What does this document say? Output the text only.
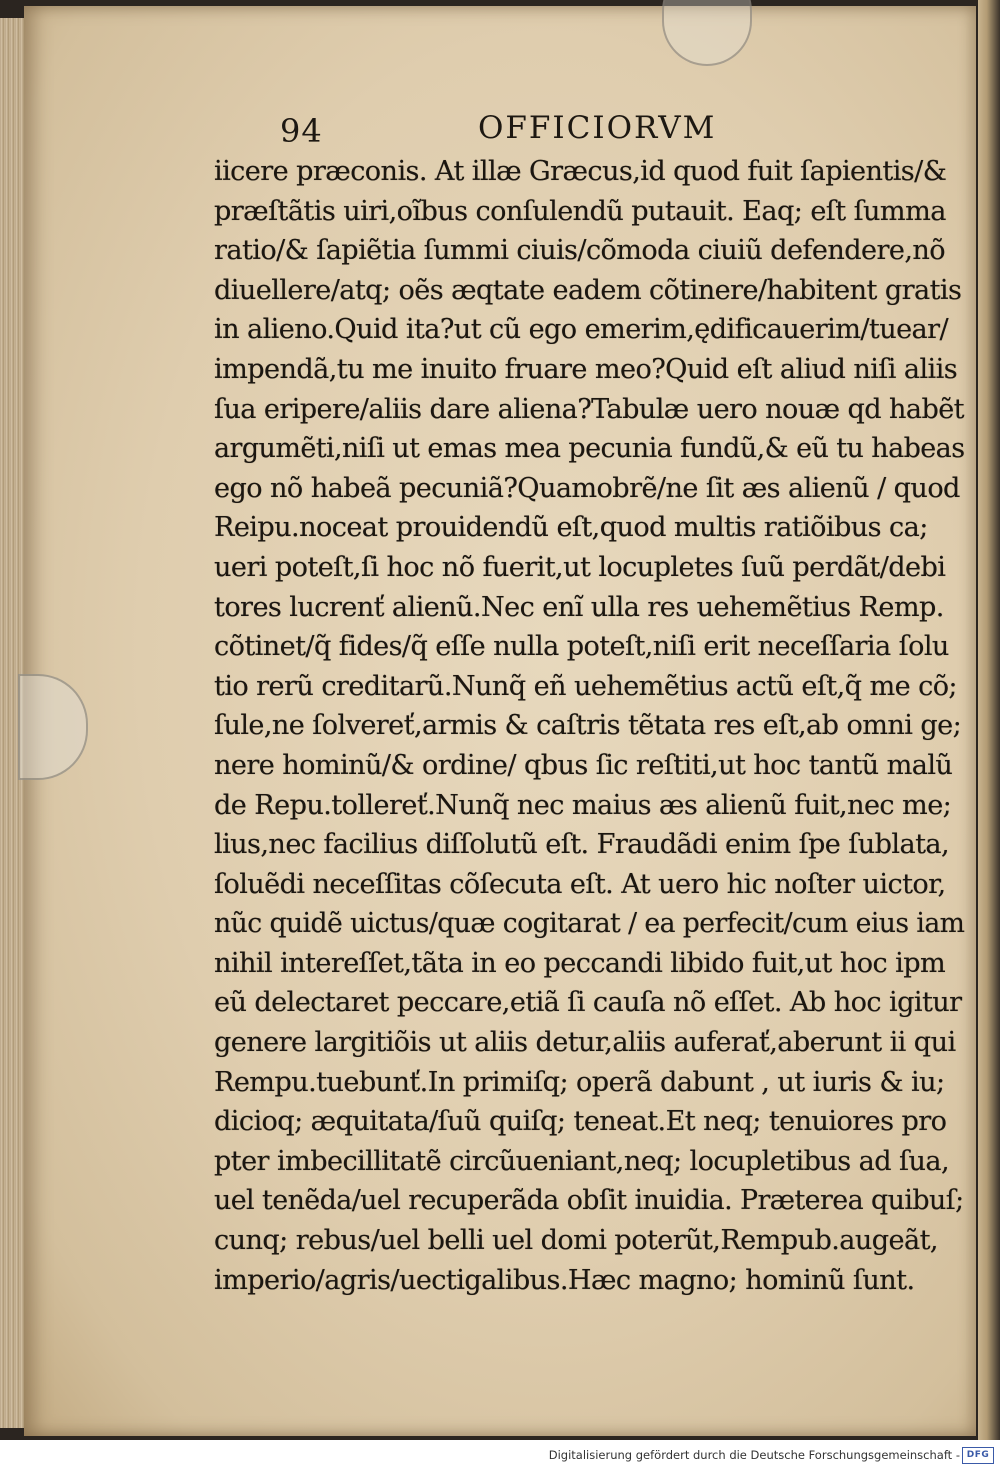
94	OFFICIORVM
iicere præconis. At illæ Græcus,id quod fuit ſapientis/&
præſtãtis uiri,oĩbus conſulendũ putauit. Eaq; eſt ſumma
ratio/& ſapiẽtia ſummi ciuis/cõmoda ciuiũ defendere,nõ
diuellere/atq; oẽs æqtate eadem cõtinere/habitent gratis
in alieno.Quid ita?ut cũ ego emerim,ędificauerim/tuear/
impendã,tu me inuito fruare meo?Quid eſt aliud niſi aliis
ſua eripere/aliis dare aliena?Tabulæ uero nouæ qd habẽt
argumẽti,niſi ut emas mea pecunia fundũ,& eũ tu habeas
ego nõ habeã pecuniã?Quamobrẽ/ne ſit æs alienũ / quod
Reipu.noceat prouidendũ eſt,quod multis ratiõibus ca;
ueri poteſt,ſi hoc nõ fuerit,ut locupletes ſuũ perdãt/debi
tores lucrenť alienũ.Nec enĩ ulla res uehemẽtius Remp.
cõtinet/q̃ fides/q̃ eſſe nulla poteſt,niſi erit neceſſaria ſolu
tio rerũ creditarũ.Nunq̃ eñ uehemẽtius actũ eſt,q̃ me cõ;
ſule,ne ſolvereť,armis & caſtris tẽtata res eſt,ab omni ge;
nere hominũ/& ordine/ qbus ſic reſtiti,ut hoc tantũ malũ
de Repu.tollereť.Nunq̃ nec maius æs alienũ fuit,nec me;
lius,nec facilius diſſolutũ eſt. Fraudãdi enim ſpe ſublata,
ſoluẽdi neceſſitas cõſecuta eſt. At uero hic noſter uictor,
nũc quidẽ uictus/quæ cogitarat / ea perfecit/cum eius iam
nihil intereſſet,tãta in eo peccandi libido fuit,ut hoc ipm
eũ delectaret peccare,etiã ſi cauſa nõ eſſet. Ab hoc igitur
genere largitiõis ut aliis detur,aliis auferať,aberunt ii qui
Rempu.tuebunť.In primiſq; operã dabunt , ut iuris & iu;
dicioq; æquitata/ſuũ quiſq; teneat.Et neq; tenuiores pro
pter imbecillitatẽ circũueniant,neq; locupletibus ad ſua,
uel tenẽda/uel recuperãda obſit inuidia. Præterea quibuſ;
cunq; rebus/uel belli uel domi poterũt,Rempub.augeãt,
imperio/agris/uectigalibus.Hæc magno; hominũ ſunt.
Digitalisierung gefördert durch die Deutsche Forschungsgemeinschaft - DFG
